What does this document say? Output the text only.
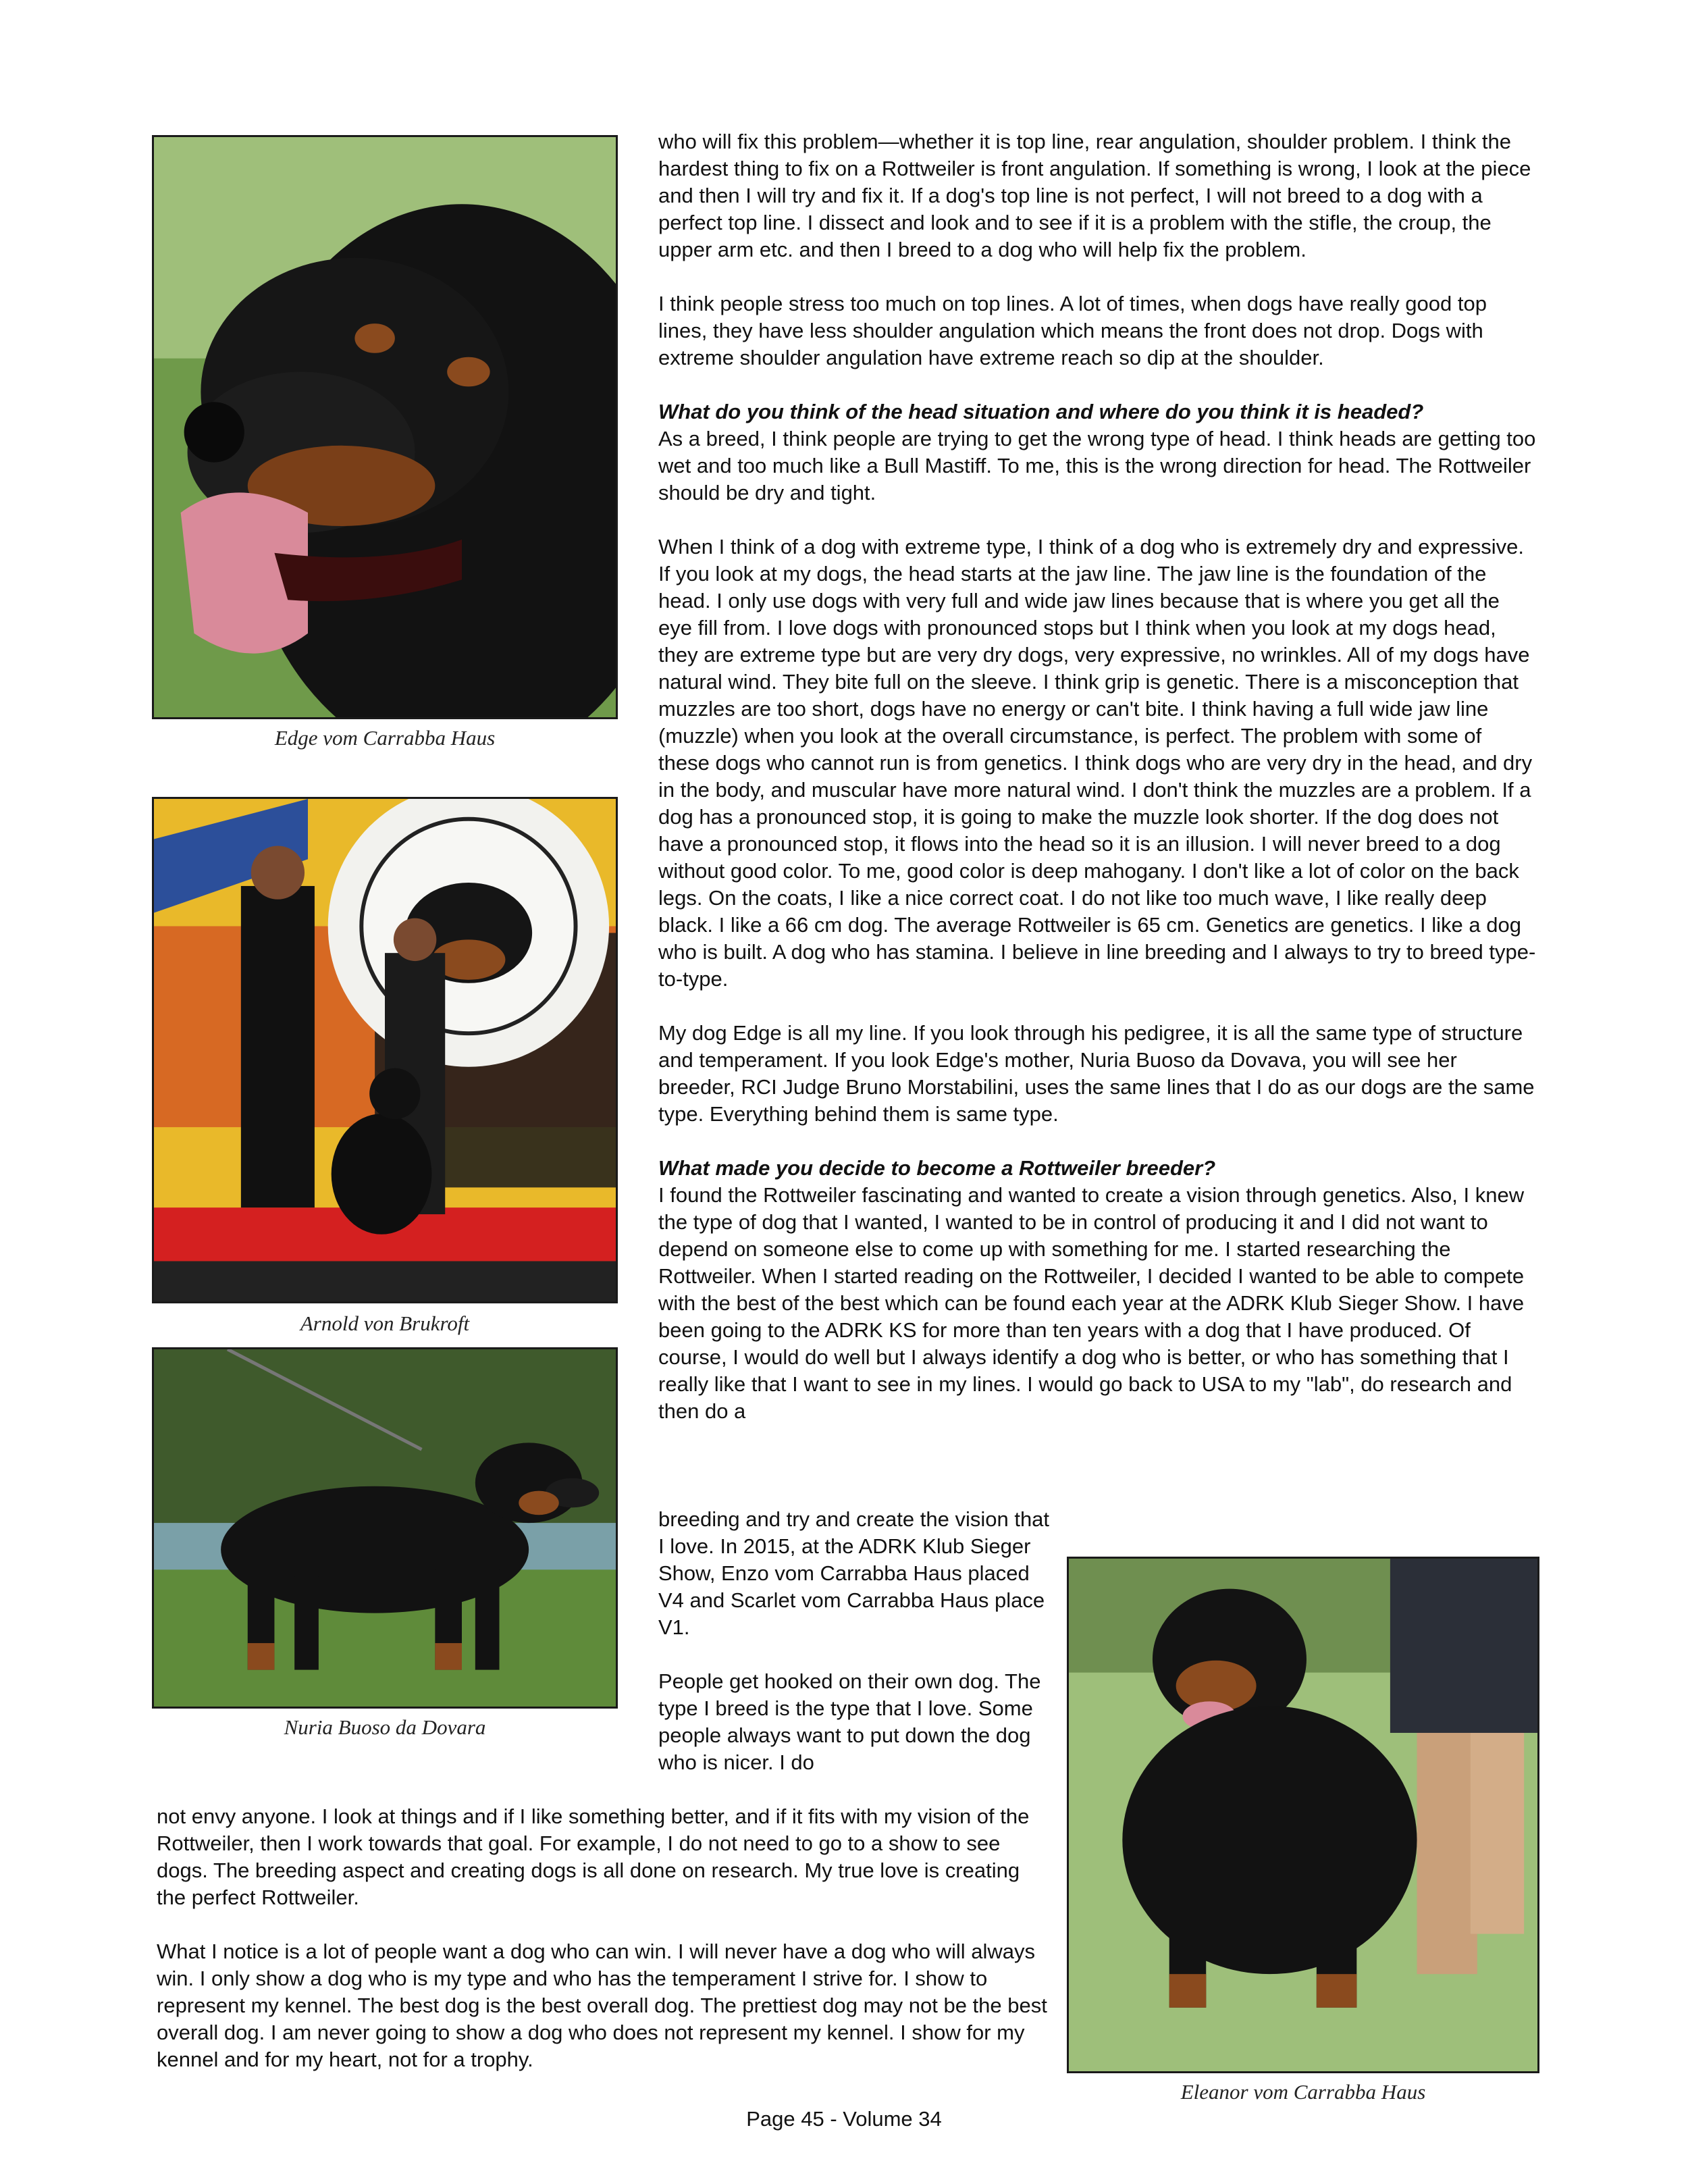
Edge vom Carrabba Haus
Arnold von Brukroft
Nuria Buoso da Dovara
Eleanor vom Carrabba Haus

who will fix this problem—whether it is top line, rear angulation, shoulder problem. I think the hardest thing to fix on a Rottweiler is front angulation. If something is wrong, I look at the piece and then I will try and fix it. If a dog's top line is not perfect, I will not breed to a dog with a perfect top line. I dissect and look and to see if it is a problem with the stifle, the croup, the upper arm etc. and then I breed to a dog who will help fix the problem.

I think people stress too much on top lines. A lot of times, when dogs have really good top lines, they have less shoulder angulation which means the front does not drop. Dogs with extreme shoulder angulation have extreme reach so dip at the shoulder.

What do you think of the head situation and where do you think it is headed?
As a breed, I think people are trying to get the wrong type of head. I think heads are getting too wet and too much like a Bull Mastiff. To me, this is the wrong direction for head. The Rottweiler should be dry and tight.

When I think of a dog with extreme type, I think of a dog who is extremely dry and expressive. If you look at my dogs, the head starts at the jaw line. The jaw line is the foundation of the head. I only use dogs with very full and wide jaw lines because that is where you get all the eye fill from. I love dogs with pronounced stops but I think when you look at my dogs head, they are extreme type but are very dry dogs, very expressive, no wrinkles. All of my dogs have natural wind. They bite full on the sleeve. I think grip is genetic. There is a misconception that muzzles are too short, dogs have no energy or can't bite. I think having a full wide jaw line (muzzle) when you look at the overall circumstance, is perfect. The problem with some of these dogs who cannot run is from genetics. I think dogs who are very dry in the head, and dry in the body, and muscular have more natural wind. I don't think the muzzles are a problem. If a dog has a pronounced stop, it is going to make the muzzle look shorter. If the dog does not have a pronounced stop, it flows into the head so it is an illusion. I will never breed to a dog without good color. To me, good color is deep mahogany. I don't like a lot of color on the back legs. On the coats, I like a nice correct coat. I do not like too much wave, I like really deep black. I like a 66 cm dog. The average Rottweiler is 65 cm. Genetics are genetics. I like a dog who is built. A dog who has stamina. I believe in line breeding and I always to try to breed type-to-type.

My dog Edge is all my line. If you look through his pedigree, it is all the same type of structure and temperament. If you look Edge's mother, Nuria Buoso da Dovava, you will see her breeder, RCI Judge Bruno Morstabilini, uses the same lines that I do as our dogs are the same type. Everything behind them is same type.

What made you decide to become a Rottweiler breeder?
I found the Rottweiler fascinating and wanted to create a vision through genetics. Also, I knew the type of dog that I wanted, I wanted to be in control of producing it and I did not want to depend on someone else to come up with something for me. I started researching the Rottweiler. When I started reading on the Rottweiler, I decided I wanted to be able to compete with the best of the best which can be found each year at the ADRK Klub Sieger Show. I have been going to the ADRK KS for more than ten years with a dog that I have produced. Of course, I would do well but I always identify a dog who is better, or who has something that I really like that I want to see in my lines. I would go back to USA to my "lab", do research and then do a

breeding and try and create the vision that I love. In 2015, at the ADRK Klub Sieger Show, Enzo vom Carrabba Haus placed V4 and Scarlet vom Carrabba Haus place V1.

People get hooked on their own dog. The type I breed is the type that I love. Some people always want to put down the dog who is nicer. I do

not envy anyone. I look at things and if I like something better, and if it fits with my vision of the Rottweiler, then I work towards that goal. For example, I do not need to go to a show to see dogs. The breeding aspect and creating dogs is all done on research. My true love is creating the perfect Rottweiler.

What I notice is a lot of people want a dog who can win. I will never have a dog who will always win. I only show a dog who is my type and who has the temperament I strive for. I show to represent my kennel. The best dog is the best overall dog. The prettiest dog may not be the best overall dog. I am never going to show a dog who does not represent my kennel. I show for my kennel and for my heart, not for a trophy.

Page 45 - Volume 34
